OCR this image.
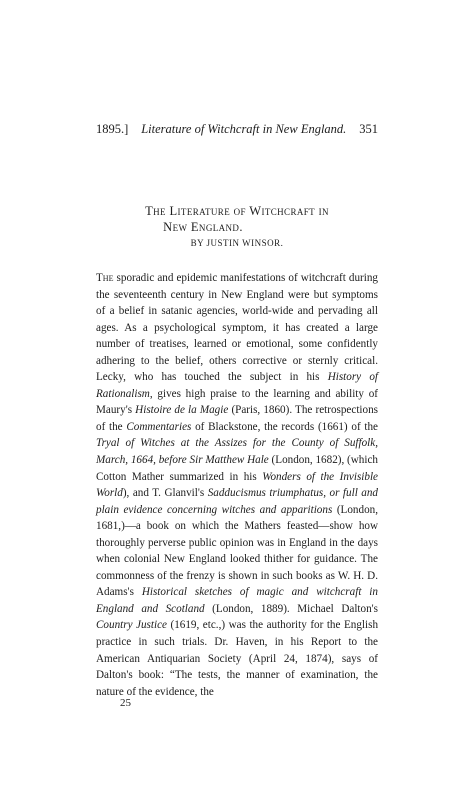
1895.] Literature of Witchcraft in New England. 351
The Literature of Witchcraft in
New England.
BY JUSTIN WINSOR.

The sporadic and epidemic manifestations of witchcraft during the seventeenth century in New England were but symptoms of a belief in satanic agencies, world-wide and pervading all ages. As a psychological symptom, it has created a large number of treatises, learned or emotional, some confidently adhering to the belief, others corrective or sternly critical. Lecky, who has touched the subject in his History of Rationalism, gives high praise to the learning and ability of Maury's Histoire de la Magie (Paris, 1860). The retrospections of the Commentaries of Blackstone, the records (1661) of the Tryal of Witches at the Assizes for the County of Suffolk, March, 1664, before Sir Matthew Hale (London, 1682), (which Cotton Mather summarized in his Wonders of the Invisible World), and T. Glanvil's Sadducismus triumphatus, or full and plain evidence concerning witches and apparitions (London, 1681,)—a book on which the Mathers feasted—show how thoroughly perverse public opinion was in England in the days when colonial New England looked thither for guidance. The commonness of the frenzy is shown in such books as W. H. D. Adams's Historical sketches of magic and witchcraft in England and Scotland (London, 1889). Michael Dalton's Country Justice (1619, etc.,) was the authority for the English practice in such trials. Dr. Haven, in his Report to the American Antiquarian Society (April 24, 1874), says of Dalton's book: “The tests, the manner of examination, the nature of the evidence, the

25
